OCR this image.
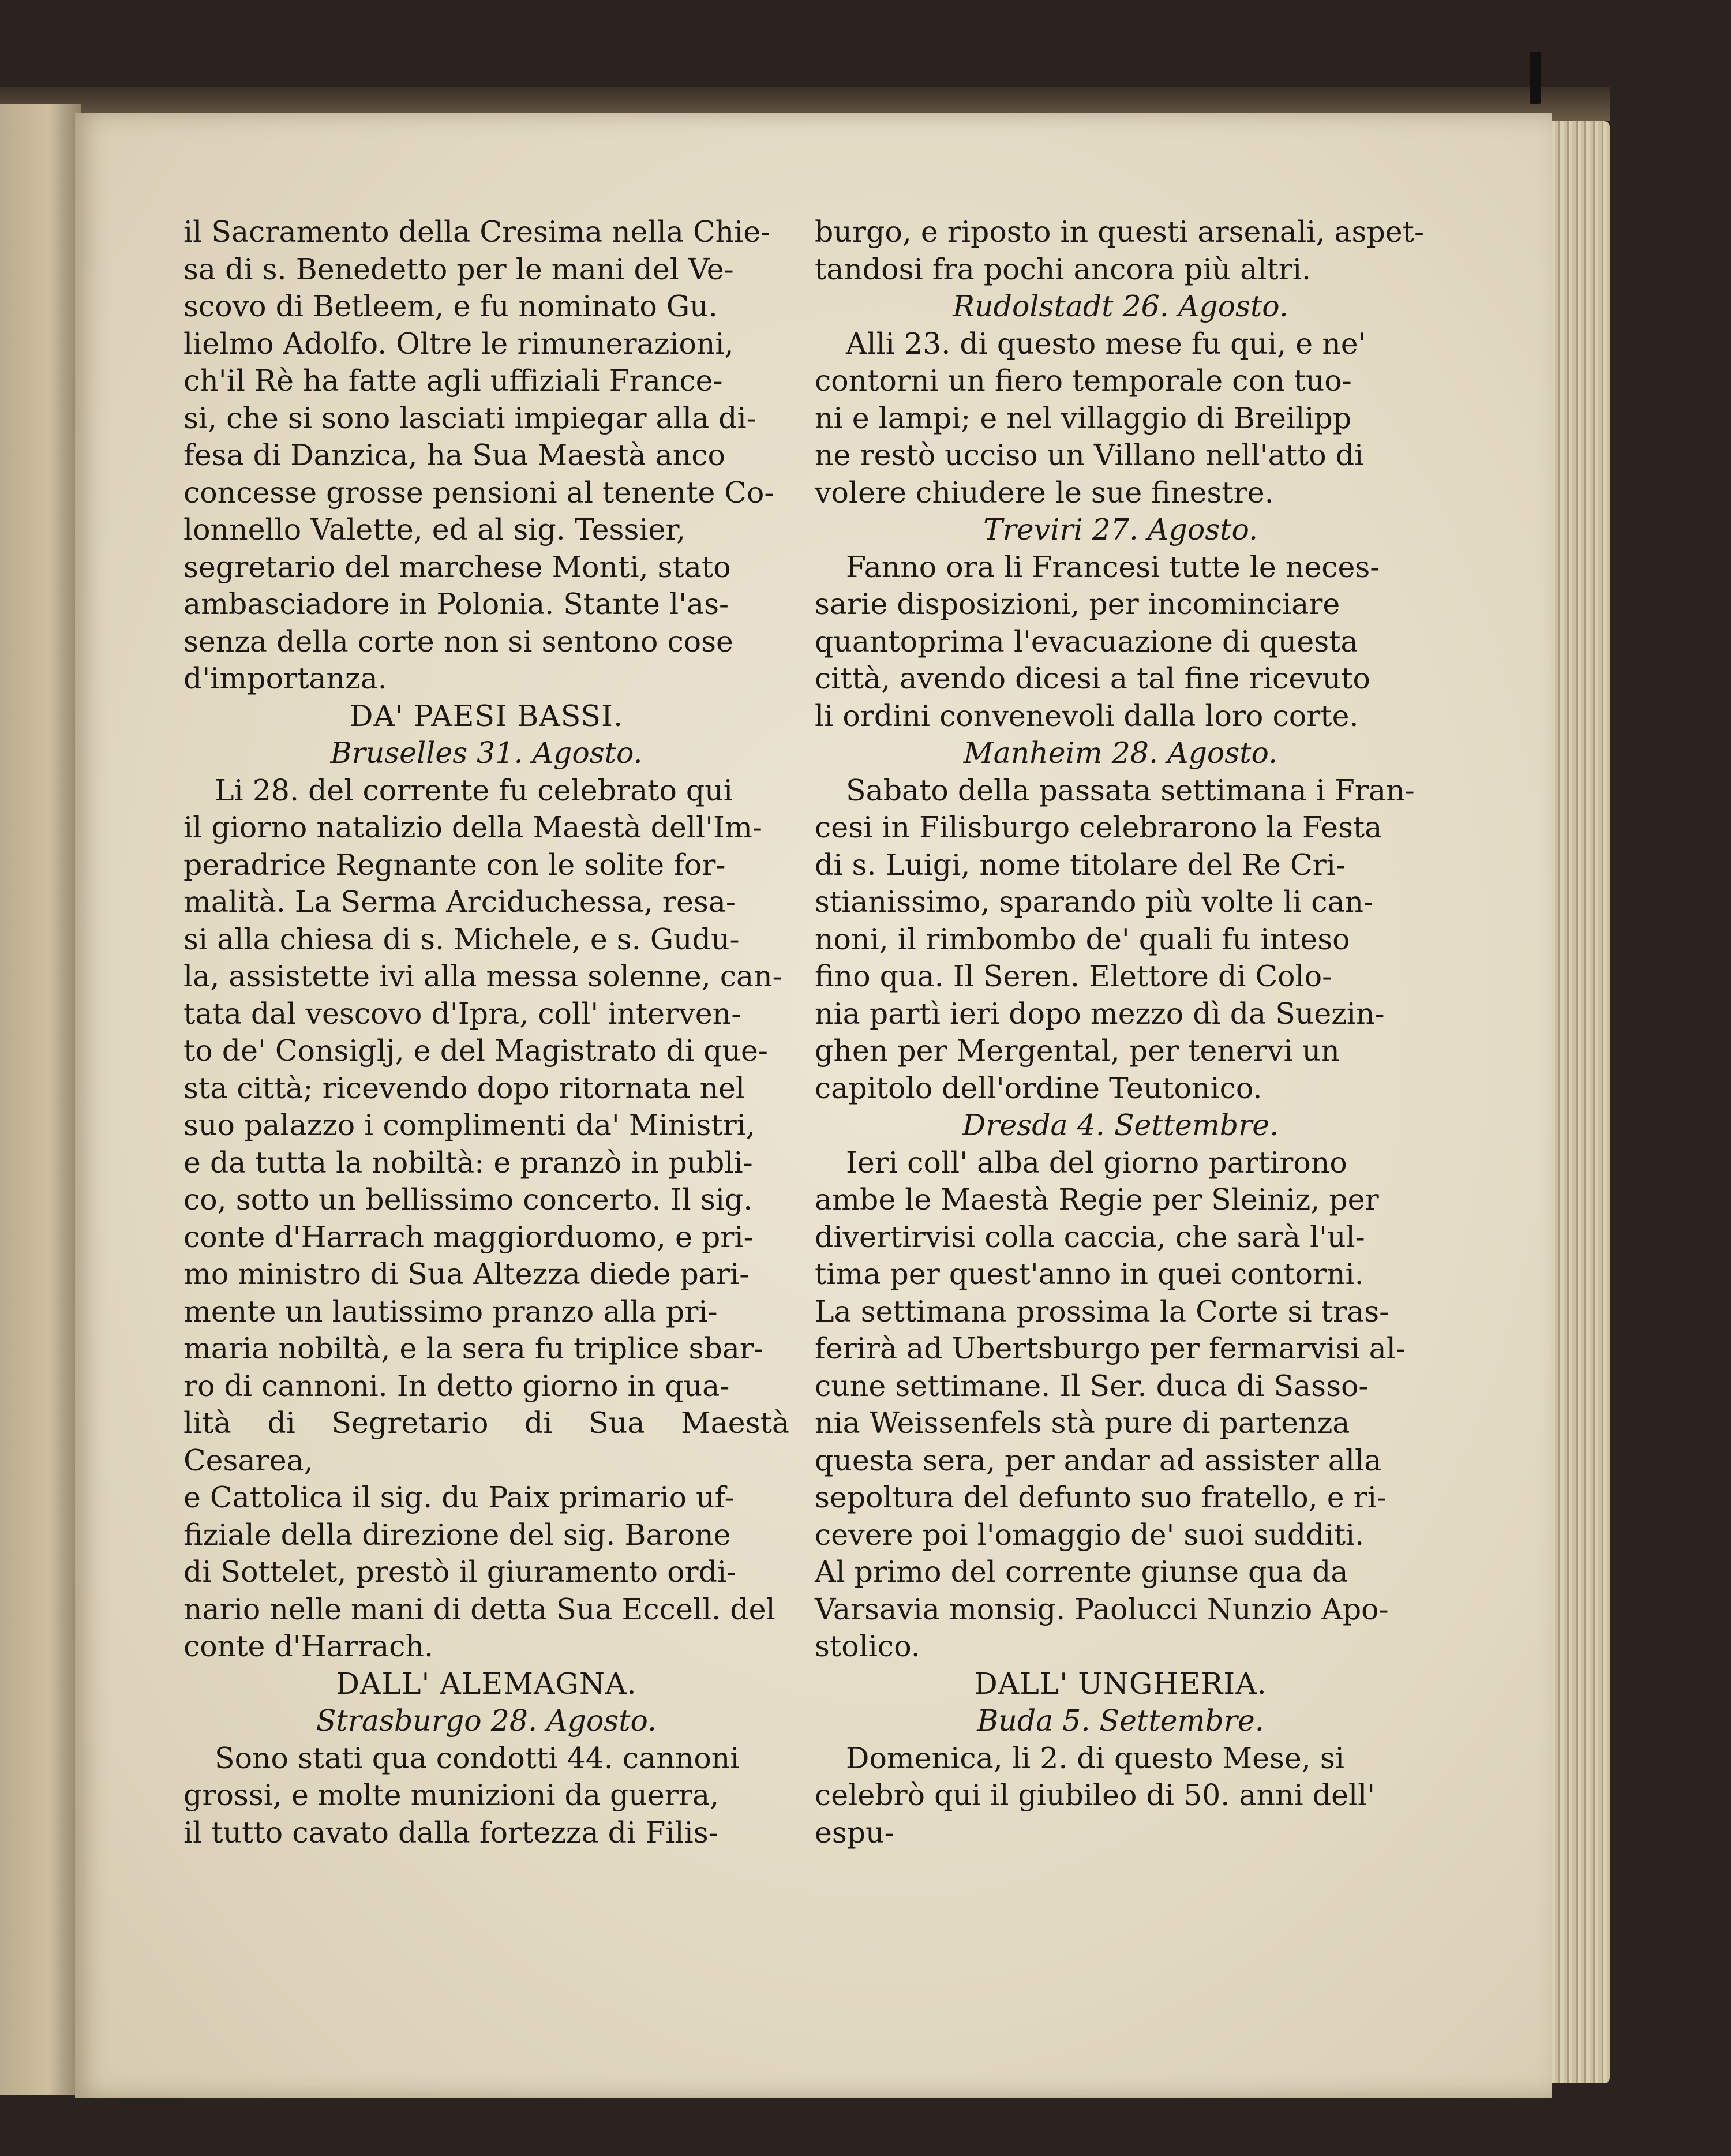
il Sacramento della Cresima nella Chie-

sa di s. Benedetto per le mani del Ve-

scovo di Betleem, e fu nominato Gu.

lielmo Adolfo. Oltre le rimunerazioni,

ch'il Rè ha fatte agli uffiziali France-

si, che si sono lasciati impiegar alla di-

fesa di Danzica, ha Sua Maestà anco

concesse grosse pensioni al tenente Co-

lonnello Valette, ed al sig. Tessier,

segretario del marchese Monti, stato

ambasciadore in Polonia. Stante l'as-

senza della corte non si sentono cose

d'importanza.

DA' PAESI BASSI.

Bruselles 31. Agosto.

Li 28. del corrente fu celebrato qui

il giorno natalizio della Maestà dell'Im-

peradrice Regnante con le solite for-

malità. La Serma Arciduchessa, resa-

si alla chiesa di s. Michele, e s. Gudu-

la, assistette ivi alla messa solenne, can-

tata dal vescovo d'Ipra, coll' interven-

to de' Consiglj, e del Magistrato di que-

sta città; ricevendo dopo ritornata nel

suo palazzo i complimenti da' Ministri,

e da tutta la nobiltà: e pranzò in publi-

co, sotto un bellissimo concerto. Il sig.

conte d'Harrach maggiorduomo, e pri-

mo ministro di Sua Altezza diede pari-

mente un lautissimo pranzo alla pri-

maria nobiltà, e la sera fu triplice sbar-

ro di cannoni. In detto giorno in qua-

lità di Segretario di Sua Maestà Cesarea,

e Cattolica il sig. du Paix primario uf-

fiziale della direzione del sig. Barone

di Sottelet, prestò il giuramento ordi-

nario nelle mani di detta Sua Eccell. del

conte d'Harrach.

DALL' ALEMAGNA.

Strasburgo 28. Agosto.

Sono stati qua condotti 44. cannoni

grossi, e molte munizioni da guerra,

il tutto cavato dalla fortezza di Filis-

burgo, e riposto in questi arsenali, aspet-

tandosi fra pochi ancora più altri.

Rudolstadt 26. Agosto.

Alli 23. di questo mese fu qui, e ne'

contorni un fiero temporale con tuo-

ni e lampi; e nel villaggio di Breilipp

ne restò ucciso un Villano nell'atto di

volere chiudere le sue finestre.

Treviri 27. Agosto.

Fanno ora li Francesi tutte le neces-

sarie disposizioni, per incominciare

quantoprima l'evacuazione di questa

città, avendo dicesi a tal fine ricevuto

li ordini convenevoli dalla loro corte.

Manheim 28. Agosto.

Sabato della passata settimana i Fran-

cesi in Filisburgo celebrarono la Festa

di s. Luigi, nome titolare del Re Cri-

stianissimo, sparando più volte li can-

noni, il rimbombo de' quali fu inteso

fino qua. Il Seren. Elettore di Colo-

nia partì ieri dopo mezzo dì da Suezin-

ghen per Mergental, per tenervi un

capitolo dell'ordine Teutonico.

Dresda 4. Settembre.

Ieri coll' alba del giorno partirono

ambe le Maestà Regie per Sleiniz, per

divertirvisi colla caccia, che sarà l'ul-

tima per quest'anno in quei contorni.

La settimana prossima la Corte si tras-

ferirà ad Ubertsburgo per fermarvisi al-

cune settimane. Il Ser. duca di Sasso-

nia Weissenfels stà pure di partenza

questa sera, per andar ad assister alla

sepoltura del defunto suo fratello, e ri-

cevere poi l'omaggio de' suoi sudditi.

Al primo del corrente giunse qua da

Varsavia monsig. Paolucci Nunzio Apo-

stolico.

DALL' UNGHERIA.

Buda 5. Settembre.

Domenica, li 2. di questo Mese, si

celebrò qui il giubileo di 50. anni dell'

espu-
